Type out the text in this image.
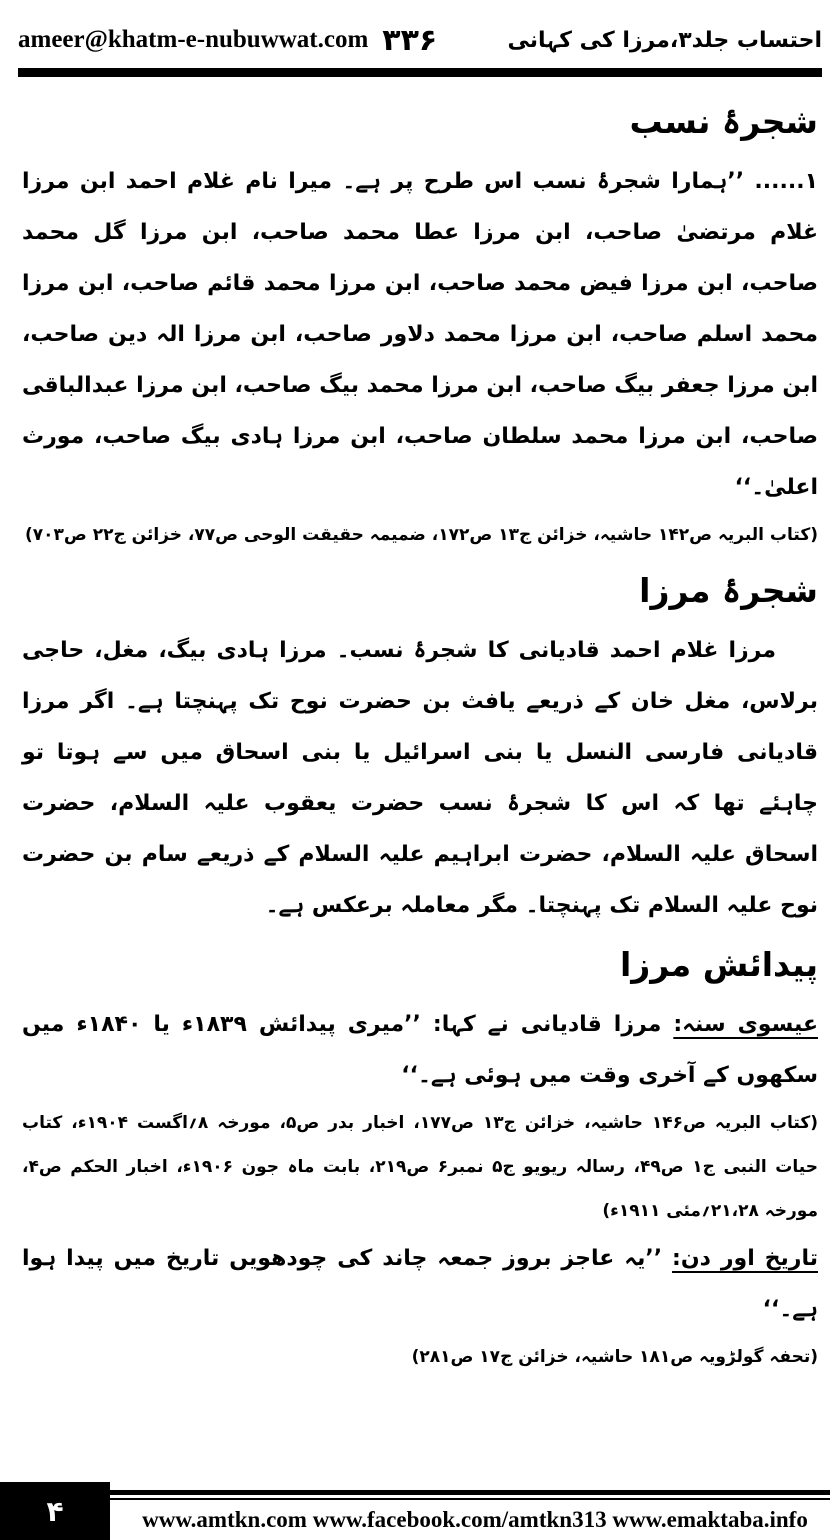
ameer@khatm-e-nubuwwat.com ۳۳۶	احتساب جلد۳،مرزا کی کہانی
شجرۂ نسب

۱...... ’’ہمارا شجرۂ نسب اس طرح پر ہے۔ میرا نام غلام احمد ابن مرزا غلام مرتضیٰ صاحب، ابن مرزا عطا محمد صاحب، ابن مرزا گل محمد صاحب، ابن مرزا فیض محمد صاحب، ابن مرزا محمد قائم صاحب، ابن مرزا محمد اسلم صاحب، ابن مرزا محمد دلاور صاحب، ابن مرزا الہ دین صاحب، ابن مرزا جعفر بیگ صاحب، ابن مرزا محمد بیگ صاحب، ابن مرزا عبدالباقی صاحب، ابن مرزا محمد سلطان صاحب، ابن مرزا ہادی بیگ صاحب، مورث اعلیٰ۔‘‘

(کتاب البریہ ص۱۴۲ حاشیہ، خزائن ج۱۳ ص۱۷۲، ضمیمہ حقیقت الوحی ص۷۷، خزائن ج۲۲ ص۷۰۳)

شجرۂ مرزا

مرزا غلام احمد قادیانی کا شجرۂ نسب۔ مرزا ہادی بیگ، مغل، حاجی برلاس، مغل خان کے ذریعے یافث بن حضرت نوح تک پہنچتا ہے۔ اگر مرزا قادیانی فارسی النسل یا بنی اسرائیل یا بنی اسحاق میں سے ہوتا تو چاہئے تھا کہ اس کا شجرۂ نسب حضرت یعقوب علیہ السلام، حضرت اسحاق علیہ السلام، حضرت ابراہیم علیہ السلام کے ذریعے سام بن حضرت نوح علیہ السلام تک پہنچتا۔ مگر معاملہ برعکس ہے۔

پیدائش مرزا

عیسوی سنہ: مرزا قادیانی نے کہا: ’’میری پیدائش ۱۸۳۹ء یا ۱۸۴۰ء میں سکھوں کے آخری وقت میں ہوئی ہے۔‘‘

(کتاب البریہ ص۱۴۶ حاشیہ، خزائن ج۱۳ ص۱۷۷، اخبار بدر ص۵، مورخہ ۸؍اگست ۱۹۰۴ء، کتاب حیات النبی ج۱ ص۴۹، رسالہ ریویو ج۵ نمبر۶ ص۲۱۹، بابت ماہ جون ۱۹۰۶ء، اخبار الحکم ص۴، مورخہ ۲۱،۲۸؍مئی ۱۹۱۱ء)

تاریخ اور دن: ’’یہ عاجز بروز جمعہ چاند کی چودھویں تاریخ میں پیدا ہوا ہے۔‘‘

(تحفہ گولڑویہ ص۱۸۱ حاشیہ، خزائن ج۱۷ ص۲۸۱)

۴	www.amtkn.com www.facebook.com/amtkn313 www.emaktaba.info
